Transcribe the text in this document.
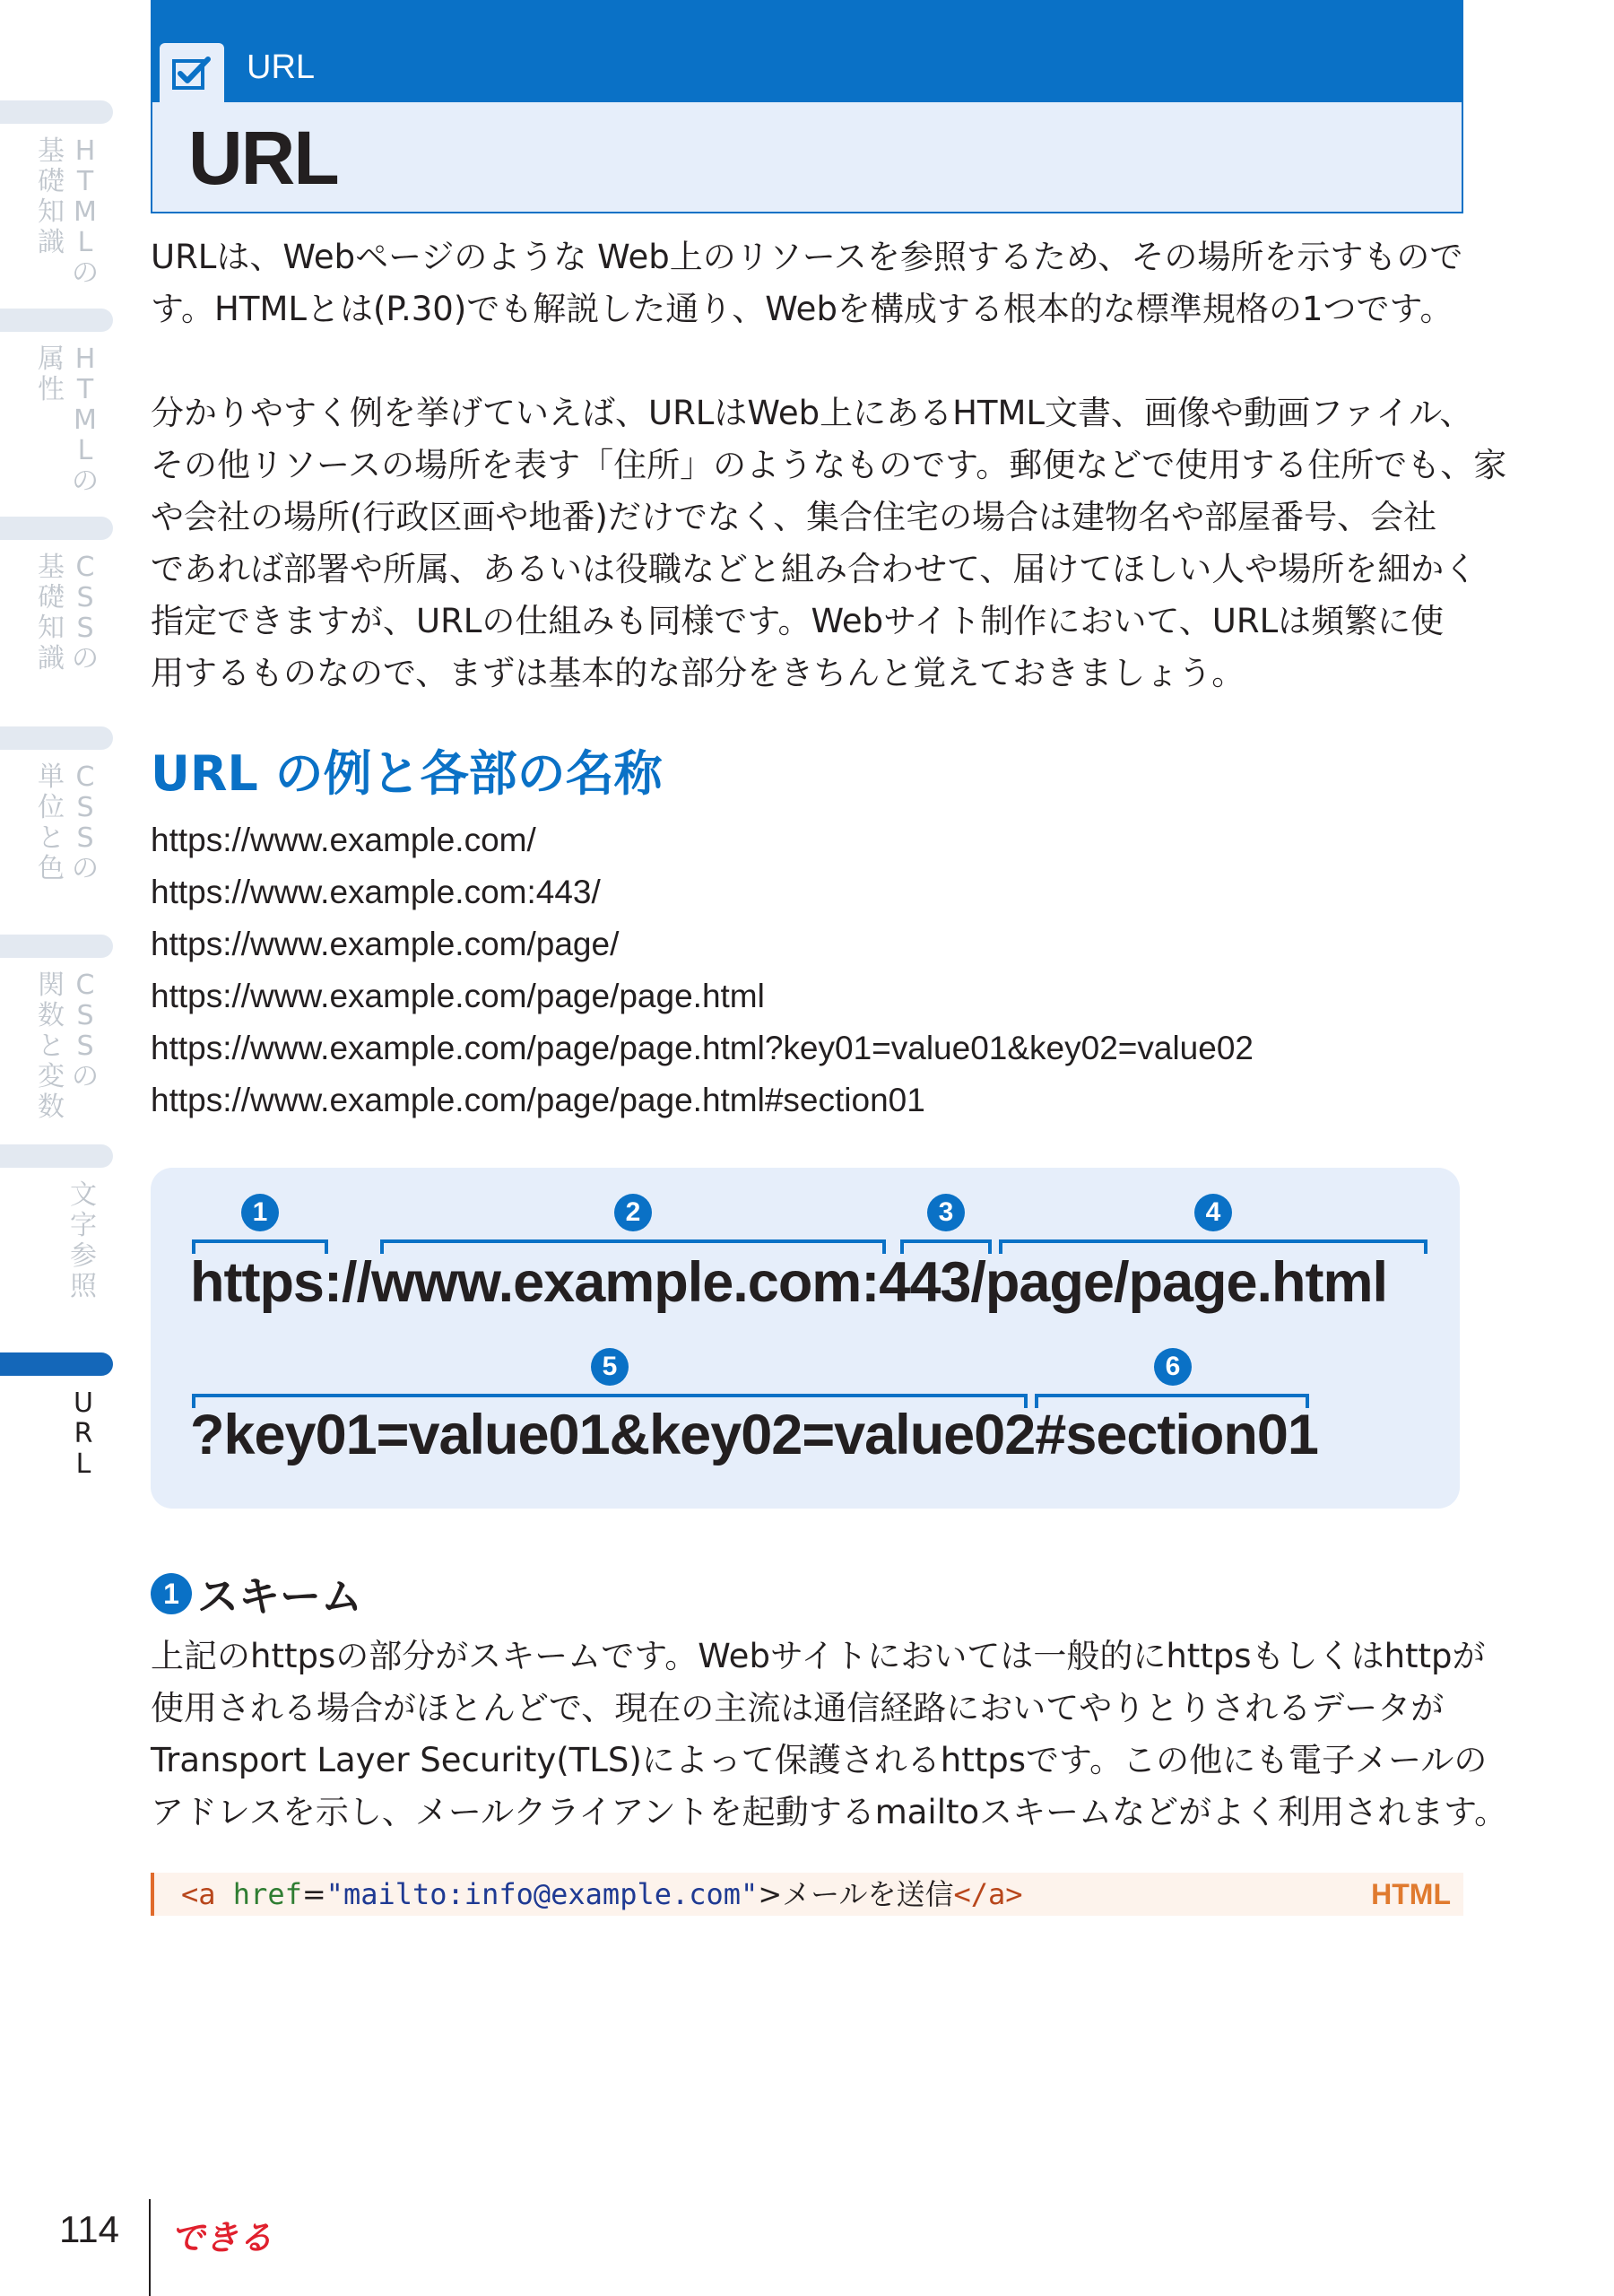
H
T
M
L
の
基
礎
知
識
H
T
M
L
の
属
性
C
S
S
の
基
礎
知
識
C
S
S
の
単
位
と
色
C
S
S
の
関
数
と
変
数
文
字
参
照
U
R
L
URL
URL

URLは、Webページのような Web上のリソースを参照するため、その場所を示すもので
す。HTMLとは(P.30)でも解説した通り、Webを構成する根本的な標準規格の1つです。

分かりやすく例を挙げていえば、URLはWeb上にあるHTML文書、画像や動画ファイル、
その他リソースの場所を表す「住所」のようなものです。郵便などで使用する住所でも、家
や会社の場所(行政区画や地番)だけでなく、集合住宅の場合は建物名や部屋番号、会社
であれば部署や所属、あるいは役職などと組み合わせて、届けてほしい人や場所を細かく
指定できますが、URLの仕組みも同様です。Webサイト制作において、URLは頻繁に使
用するものなので、まずは基本的な部分をきちんと覚えておきましょう。

URL の例と各部の名称
https://www.example.com/
https://www.example.com:443/
https://www.example.com/page/
https://www.example.com/page/page.html
https://www.example.com/page/page.html?key01=value01&key02=value02
https://www.example.com/page/page.html#section01
1	2	3	4
5	6
https://www.example.com:443/page/page.html
?key01=value01&key02=value02#section01
1 スキーム

上記のhttpsの部分がスキームです。Webサイトにおいては一般的にhttpsもしくはhttpが
使用される場合がほとんどで、現在の主流は通信経路においてやりとりされるデータが
Transport Layer Security(TLS)によって保護されるhttpsです。この他にも電子メールの
アドレスを示し、メールクライアントを起動するmailtoスキームなどがよく利用されます。

<a href="mailto:info@example.com">メールを送信</a>	HTML
114 できる
